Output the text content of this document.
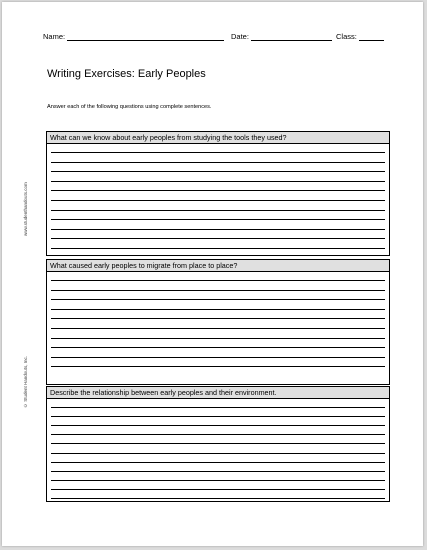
Name:	Date:	Class:
Writing Exercises: Early Peoples
Answer each of the following questions using complete sentences.
www.studenthandouts.com
© Student Handouts, Inc.
What can we know about early peoples from studying the tools they used?
What caused early peoples to migrate from place to place?
Describe the relationship between early peoples and their environment.
